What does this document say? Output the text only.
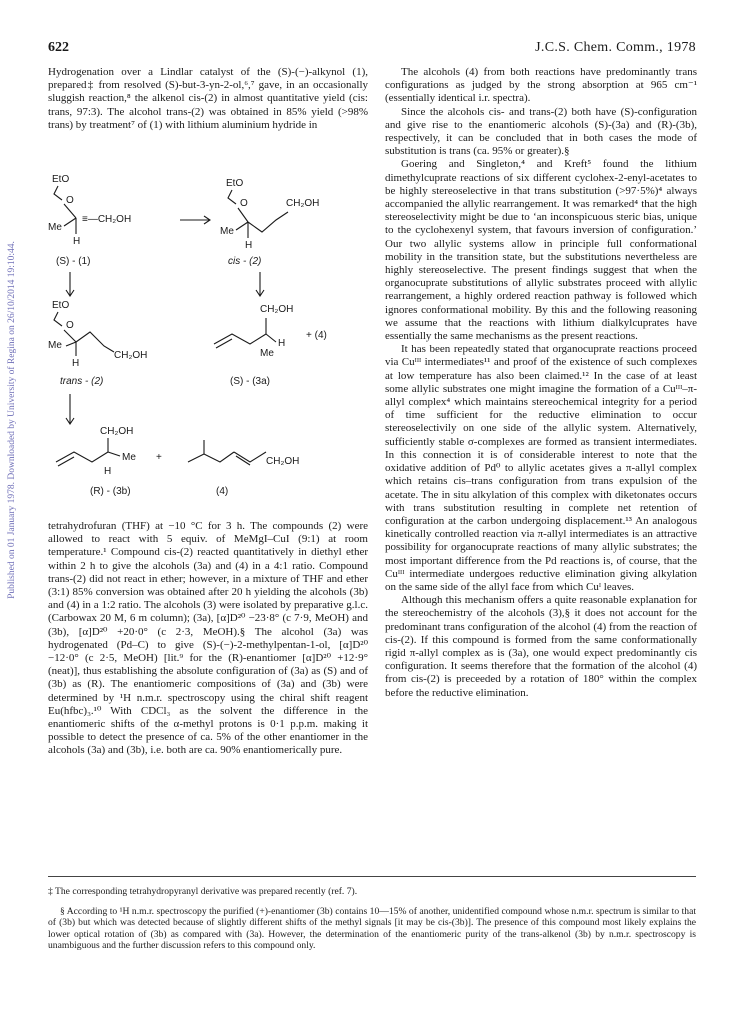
622	J.C.S. Chem. Comm., 1978
Published on 01 January 1978. Downloaded by University of Regina on 26/10/2014 19:10:44.

Hydrogenation over a Lindlar catalyst of the (S)-(−)-alkynol (1), prepared‡ from resolved (S)-but-3-yn-2-ol,⁶,⁷ gave, in an occasionally sluggish reaction,⁸ the alkenol cis-(2) in almost quantitative yield (cis: trans, 97:3). The alcohol trans-(2) was obtained in 85% yield (>98% trans) by treatment⁷ of (1) with lithium aluminium hydride in

EtO
O
Me
H
≡—CH₂OH
(S) - (1)
EtO
O
Me
H
CH₂OH
cis - (2)
EtO
O
Me
H
CH₂OH
trans - (2)
CH₂OH
H
Me
+ (4)
(S) - (3a)
CH₂OH
Me
H
+
(R) - (3b)
CH₂OH
(4)

tetrahydrofuran (THF) at −10 °C for 3 h. The compounds (2) were allowed to react with 5 equiv. of MeMgI–CuI (9:1) at room temperature.¹ Compound cis-(2) reacted quantitatively in diethyl ether within 2 h to give the alcohols (3a) and (4) in a 4:1 ratio. Compound trans-(2) did not react in ether; however, in a mixture of THF and ether (3:1) 85% conversion was obtained after 20 h yielding the alcohols (3b) and (4) in a 1:2 ratio. The alcohols (3) were isolated by preparative g.l.c. (Carbowax 20 M, 6 m column); (3a), [α]D²⁰ −23·8° (c 7·9, MeOH) and (3b), [α]D²⁰ +20·0° (c 2·3, MeOH).§ The alcohol (3a) was hydrogenated (Pd–C) to give (S)-(−)-2-methylpentan-1-ol, [α]D²⁰ −12·0° (c 2·5, MeOH) [lit.⁹ for the (R)-enantiomer [α]D²⁰ +12·9° (neat)], thus establishing the absolute configuration of (3a) as (S) and of (3b) as (R). The enantiomeric compositions of (3a) and (3b) were determined by ¹H n.m.r. spectroscopy using the chiral shift reagent Eu(hfbc)₃.¹⁰ With CDCl₃ as the solvent the difference in the enantiomeric shifts of the α-methyl protons is 0·1 p.p.m. making it possible to detect the presence of ca. 5% of the other enantiomer in the alcohols (3a) and (3b), i.e. both are ca. 90% enantiomerically pure.

The alcohols (4) from both reactions have predominantly trans configurations as judged by the strong absorption at 965 cm⁻¹ (essentially identical i.r. spectra).

Since the alcohols cis- and trans-(2) both have (S)-configuration and give rise to the enantiomeric alcohols (S)-(3a) and (R)-(3b), respectively, it can be concluded that in both cases the mode of substitution is trans (ca. 95% or greater).§

Goering and Singleton,⁴ and Kreft⁵ found the lithium dimethylcuprate reactions of six different cyclohex-2-enyl-acetates to be highly stereoselective in that trans substitution (>97·5%)⁴ always accompanied the allylic rearrangement. It was remarked⁴ that the high stereoselectivity might be due to ‘an inconspicuous steric bias, unique to the cyclohexenyl system, that favours inversion of configuration.’ Our two allylic systems allow in principle full conformational mobility in the transition state, but the substitutions nevertheless are highly stereoselective. The present findings suggest that when the organocuprate substitutions of allylic substrates proceed with allylic rearrangement, a highly ordered reaction pathway is followed which ignores conformational mobility. By this and the following reasoning we assume that the reactions with lithium dialkylcuprates have essentially the same mechanisms as the present reactions.

It has been repeatedly stated that organocuprate reactions proceed via Cuᴵᴵᴵ intermediates¹¹ and proof of the existence of such complexes at low temperature has also been claimed.¹² In the case of at least some allylic substrates one might imagine the formation of a Cuᴵᴵᴵ–π-allyl complex⁴ which maintains stereochemical integrity for a period of time sufficient for the reductive elimination to occur stereoselectivily on one side of the allylic system. Alternatively, sufficiently stable σ-complexes are formed as transient intermediates. In this connection it is of considerable interest to note that the oxidative addition of Pd⁰ to allylic acetates gives a π-allyl complex which retains cis–trans configuration from trans expulsion of the acetate. The in situ alkylation of this complex with diketonates occurs with trans substitution resulting in complete net retention of configuration at the carbon undergoing displacement.¹³ An analogous kinetically controlled reaction via π-allyl intermediates is an attractive possibility for organocuprate reactions of many allylic substrates; the most important difference from the Pd reactions is, of course, that the Cuᴵᴵᴵ intermediate undergoes reductive elimination giving alkylation on the same side of the allyl face from which Cuᴵ leaves.

Although this mechanism offers a quite reasonable explanation for the stereochemistry of the alcohols (3),§ it does not account for the predominant trans configuration of the alcohol (4) from the reaction of cis-(2). If this compound is formed from the same conformationally rigid π-allyl complex as is (3a), one would expect predominantly cis configuration. It seems therefore that the formation of the alcohol (4) from cis-(2) is preceeded by a rotation of 180° within the complex before the reductive elimination.

‡ The corresponding tetrahydropyranyl derivative was prepared recently (ref. 7).
§ According to ¹H n.m.r. spectroscopy the purified (+)-enantiomer (3b) contains 10—15% of another, unidentified compound whose n.m.r. spectrum is similar to that of (3b) but which was detected because of slightly different shifts of the methyl signals [it may be cis-(3b)]. The presence of this compound most likely explains the lower optical rotation of (3b) as compared with (3a). However, the determination of the enantiomeric purity of the trans-alkenol (3b) by n.m.r. spectroscopy is unambiguous and the further discussion refers to this compound only.
